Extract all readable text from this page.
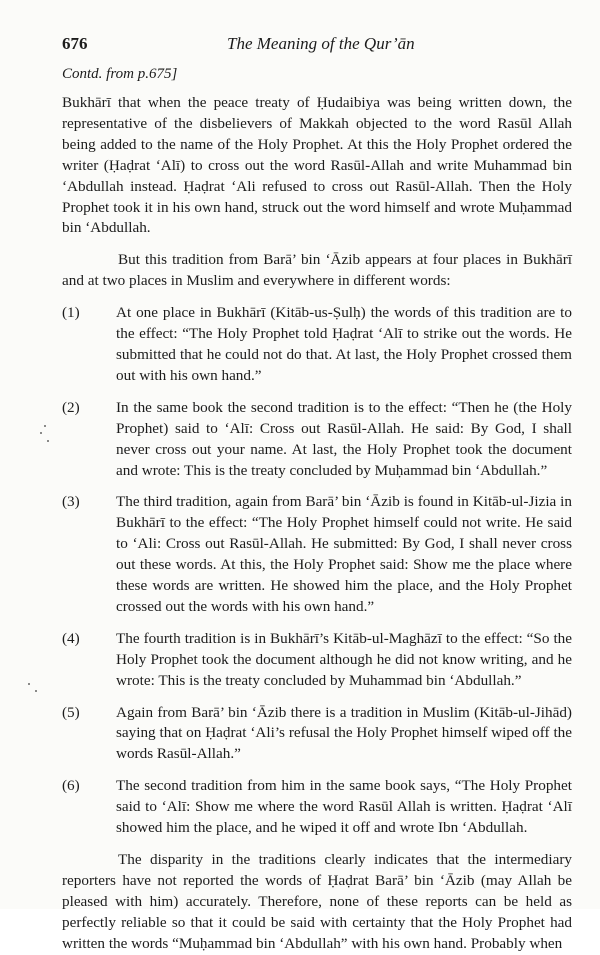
676	The Meaning of the Qur’ān
Contd. from p.675]

Bukhārī that when the peace treaty of Ḥudaibiya was being written down, the representative of the disbelievers of Makkah objected to the word Rasūl Allah being added to the name of the Holy Prophet. At this the Holy Prophet ordered the writer (Ḥaḍrat ‘Alī) to cross out the word Rasūl-Allah and write Muhammad bin ‘Abdullah instead. Ḥaḍrat ‘Ali refused to cross out Rasūl-Allah. Then the Holy Prophet took it in his own hand, struck out the word himself and wrote Muḥammad bin ‘Abdullah.

But this tradition from Barā’ bin ‘Āzib appears at four places in Bukhārī and at two places in Muslim and everywhere in different words:

(1) At one place in Bukhārī (Kitāb-us-Ṣulḥ) the words of this tradition are to the effect: “The Holy Prophet told Ḥaḍrat ‘Alī to strike out the words. He submitted that he could not do that. At last, the Holy Prophet crossed them out with his own hand.”
(2) In the same book the second tradition is to the effect: “Then he (the Holy Prophet) said to ‘Alī: Cross out Rasūl-Allah. He said: By God, I shall never cross out your name. At last, the Holy Prophet took the document and wrote: This is the treaty concluded by Muḥammad bin ‘Abdullah.”
(3) The third tradition, again from Barā’ bin ‘Āzib is found in Kitāb-ul-Jizia in Bukhārī to the effect: “The Holy Prophet himself could not write. He said to ‘Ali: Cross out Rasūl-Allah. He submitted: By God, I shall never cross out these words. At this, the Holy Prophet said: Show me the place where these words are written. He showed him the place, and the Holy Prophet crossed out the words with his own hand.”
(4) The fourth tradition is in Bukhārī’s Kitāb-ul-Maghāzī to the effect: “So the Holy Prophet took the document although he did not know writing, and he wrote: This is the treaty concluded by Muhammad bin ‘Abdullah.”
(5) Again from Barā’ bin ‘Āzib there is a tradition in Muslim (Kitāb-ul-Jihād) saying that on Ḥaḍrat ‘Ali’s refusal the Holy Prophet himself wiped off the words Rasūl-Allah.”
(6) The second tradition from him in the same book says, “The Holy Prophet said to ‘Alī: Show me where the word Rasūl Allah is written. Ḥaḍrat ‘Alī showed him the place, and he wiped it off and wrote Ibn ‘Abdullah.

The disparity in the traditions clearly indicates that the intermediary reporters have not reported the words of Ḥaḍrat Barā’ bin ‘Āzib (may Allah be pleased with him) accurately. Therefore, none of these reports can be held as perfectly reliable so that it could be said with certainty that the Holy Prophet had written the words “Muḥammad bin ‘Abdullah” with his own hand. Probably when
